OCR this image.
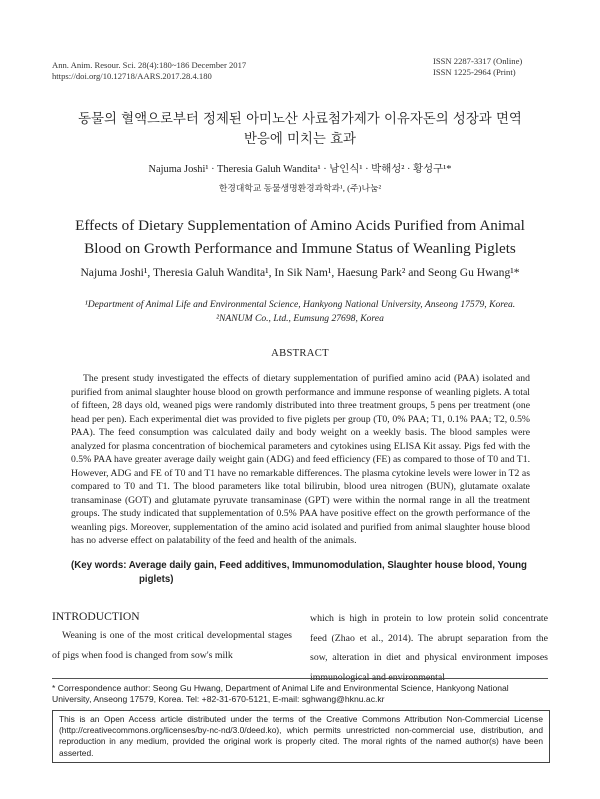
Ann. Anim. Resour. Sci. 28(4):180~186 December 2017
https://doi.org/10.12718/AARS.2017.28.4.180
ISSN 2287-3317 (Online)
ISSN 1225-2964 (Print)
동물의 혈액으로부터 정제된 아미노산 사료첨가제가 이유자돈의 성장과 면역
반응에 미치는 효과
Najuma Joshi¹ · Theresia Galuh Wandita¹ · 남인식¹ · 박해성² · 황성구¹*
한경대학교 동물생명환경과학과¹, (주)나눔²
Effects of Dietary Supplementation of Amino Acids Purified from Animal
Blood on Growth Performance and Immune Status of Weanling Piglets
Najuma Joshi¹, Theresia Galuh Wandita¹, In Sik Nam¹, Haesung Park² and Seong Gu Hwang¹*
¹Department of Animal Life and Environmental Science, Hankyong National University, Anseong 17579, Korea.
²NANUM Co., Ltd., Eumsung 27698, Korea
ABSTRACT

The present study investigated the effects of dietary supplementation of purified amino acid (PAA) isolated and purified from animal slaughter house blood on growth performance and immune response of weanling piglets. A total of fifteen, 28 days old, weaned pigs were randomly distributed into three treatment groups, 5 pens per treatment (one head per pen). Each experimental diet was provided to five piglets per group (T0, 0% PAA; T1, 0.1% PAA; T2, 0.5% PAA). The feed consumption was calculated daily and body weight on a weekly basis. The blood samples were analyzed for plasma concentration of biochemical parameters and cytokines using ELISA Kit assay. Pigs fed with the 0.5% PAA have greater average daily weight gain (ADG) and feed efficiency (FE) as compared to those of T0 and T1. However, ADG and FE of T0 and T1 have no remarkable differences. The plasma cytokine levels were lower in T2 as compared to T0 and T1. The blood parameters like total bilirubin, blood urea nitrogen (BUN), glutamate oxalate transaminase (GOT) and glutamate pyruvate transaminase (GPT) were within the normal range in all the treatment groups. The study indicated that supplementation of 0.5% PAA have positive effect on the growth performance of the weanling pigs. Moreover, supplementation of the amino acid isolated and purified from animal slaughter house blood has no adverse effect on palatability of the feed and health of the animals.

(Key words: Average daily gain, Feed additives, Immunomodulation, Slaughter house blood, Young
piglets)
INTRODUCTION

Weaning is one of the most critical developmental stages of pigs when food is changed from sow's milk

which is high in protein to low protein solid concentrate feed (Zhao et al., 2014). The abrupt separation from the sow, alteration in diet and physical environment imposes immunological and environmental

* Correspondence author: Seong Gu Hwang, Department of Animal Life and Environmental Science, Hankyong National University, Anseong 17579, Korea. Tel: +82-31-670-5121, E-mail: sghwang@hknu.ac.kr
This is an Open Access article distributed under the terms of the Creative Commons Attribution Non-Commercial License (http://creativecommons.org/licenses/by-nc-nd/3.0/deed.ko), which permits unrestricted non-commercial use, distribution, and reproduction in any medium, provided the original work is properly cited. The moral rights of the named author(s) have been asserted.
